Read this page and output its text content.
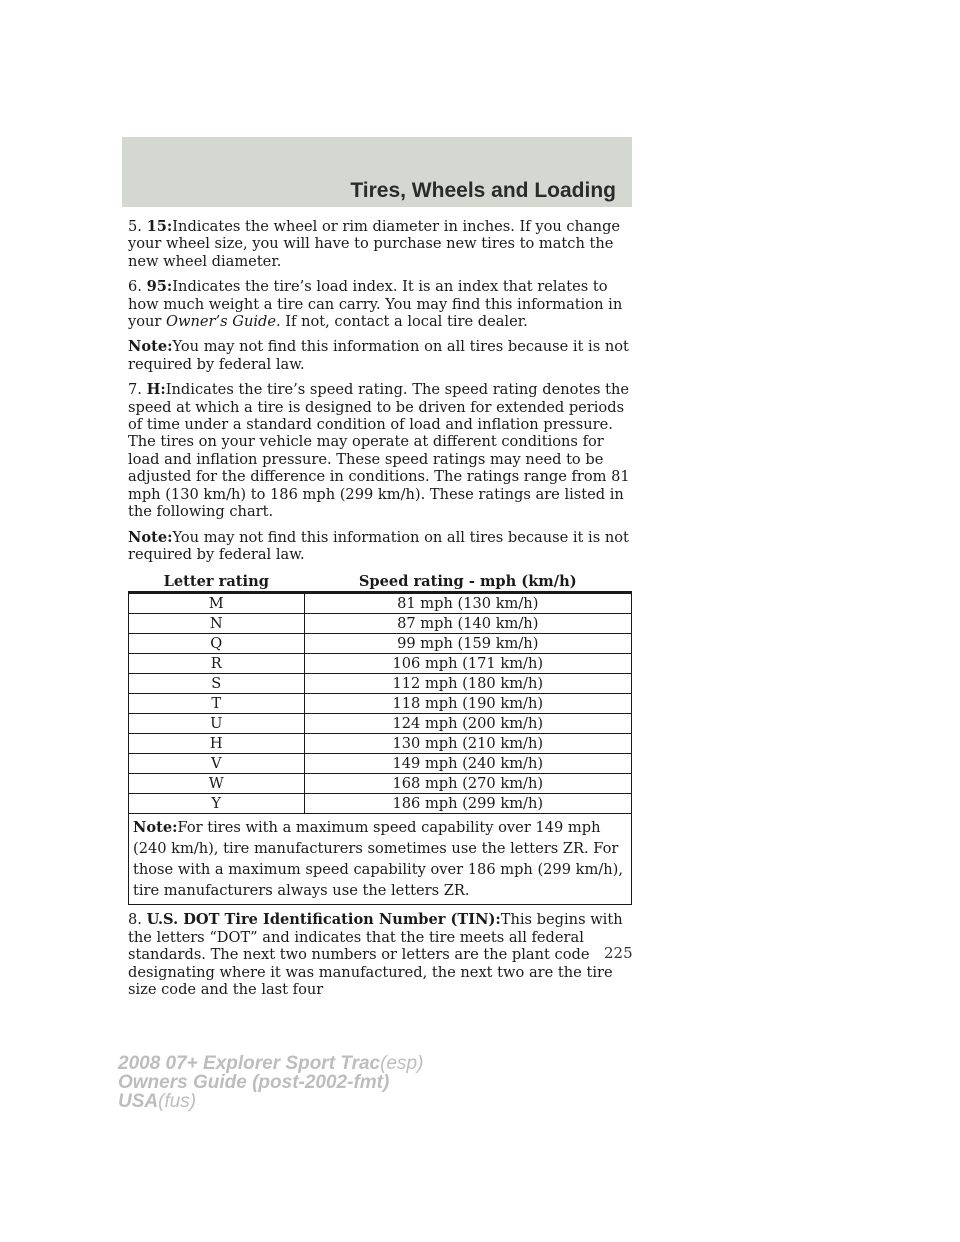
Tires, Wheels and Loading

5. 15:Indicates the wheel or rim diameter in inches. If you change your wheel size, you will have to purchase new tires to match the new wheel diameter.

6. 95:Indicates the tire’s load index. It is an index that relates to how much weight a tire can carry. You may find this information in your Owner’s Guide. If not, contact a local tire dealer.

Note:You may not find this information on all tires because it is not required by federal law.

7. H:Indicates the tire’s speed rating. The speed rating denotes the speed at which a tire is designed to be driven for extended periods of time under a standard condition of load and inflation pressure. The tires on your vehicle may operate at different conditions for load and inflation pressure. These speed ratings may need to be adjusted for the difference in conditions. The ratings range from 81 mph (130 km/h) to 186 mph (299 km/h). These ratings are listed in the following chart.

Note:You may not find this information on all tires because it is not required by federal law.

Letter rating	Speed rating - mph (km/h)
M	81 mph (130 km/h)
N	87 mph (140 km/h)
Q	99 mph (159 km/h)
R	106 mph (171 km/h)
S	112 mph (180 km/h)
T	118 mph (190 km/h)
U	124 mph (200 km/h)
H	130 mph (210 km/h)
V	149 mph (240 km/h)
W	168 mph (270 km/h)
Y	186 mph (299 km/h)
Note:For tires with a maximum speed capability over 149 mph (240 km/h), tire manufacturers sometimes use the letters ZR. For those with a maximum speed capability over 186 mph (299 km/h), tire manufacturers always use the letters ZR.	

8. U.S. DOT Tire Identification Number (TIN):This begins with the letters “DOT” and indicates that the tire meets all federal standards. The next two numbers or letters are the plant code designating where it was manufactured, the next two are the tire size code and the last four

225

2008 07+ Explorer Sport Trac(esp)
Owners Guide (post-2002-fmt)
USA(fus)
